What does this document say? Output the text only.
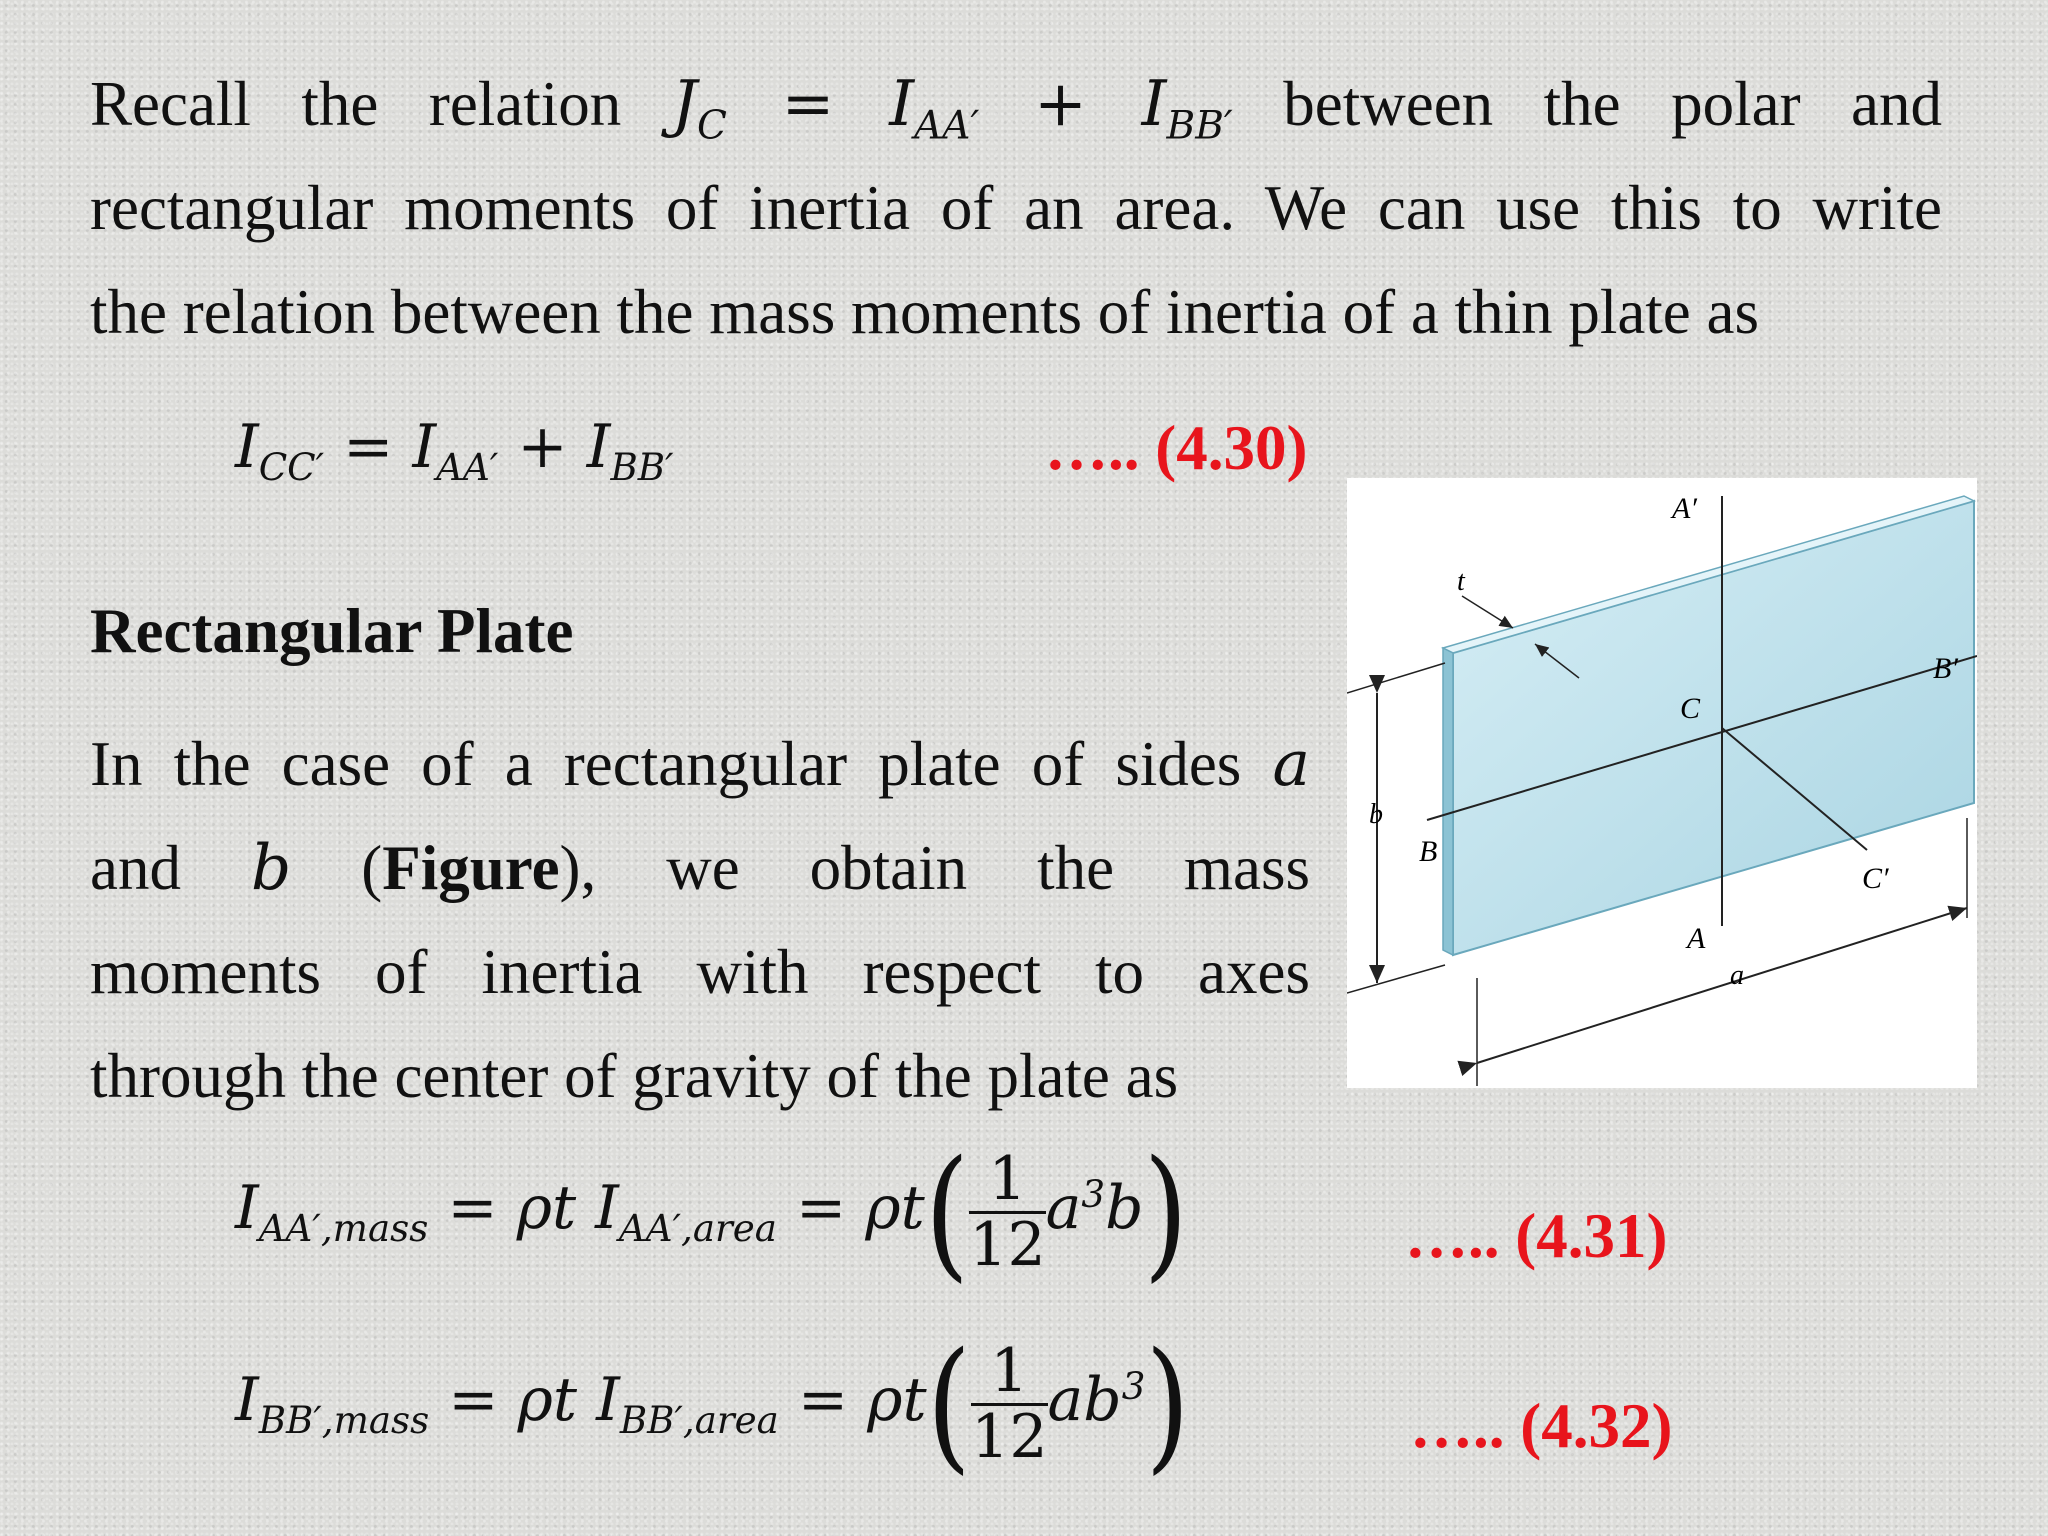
Recall the relation $J_C = I_{AA'} + I_{BB'}$ between the polar and
rectangular moments of inertia of an area. We can use this to write
the relation between the mass moments of inertia of a thin plate as
$I_{CC'} = I_{AA'} + I_{BB'}$	….. (4.30)
Rectangular Plate
In the case of a rectangular plate of sides a
and b (Figure), we obtain the mass
moments of inertia with respect to axes
through the center of gravity of the plate as
A′
A
B
B′
C
C′
t
a
b
$I_{AA',mass} = \rho t$ $I_{AA',area} = \rho t( \frac{1}{12} a^3b)$	….. (4.31)
$I_{BB',mass} = \rho t$ $I_{BB',area} = \rho t( \frac{1}{12} ab^3)$	….. (4.32)
